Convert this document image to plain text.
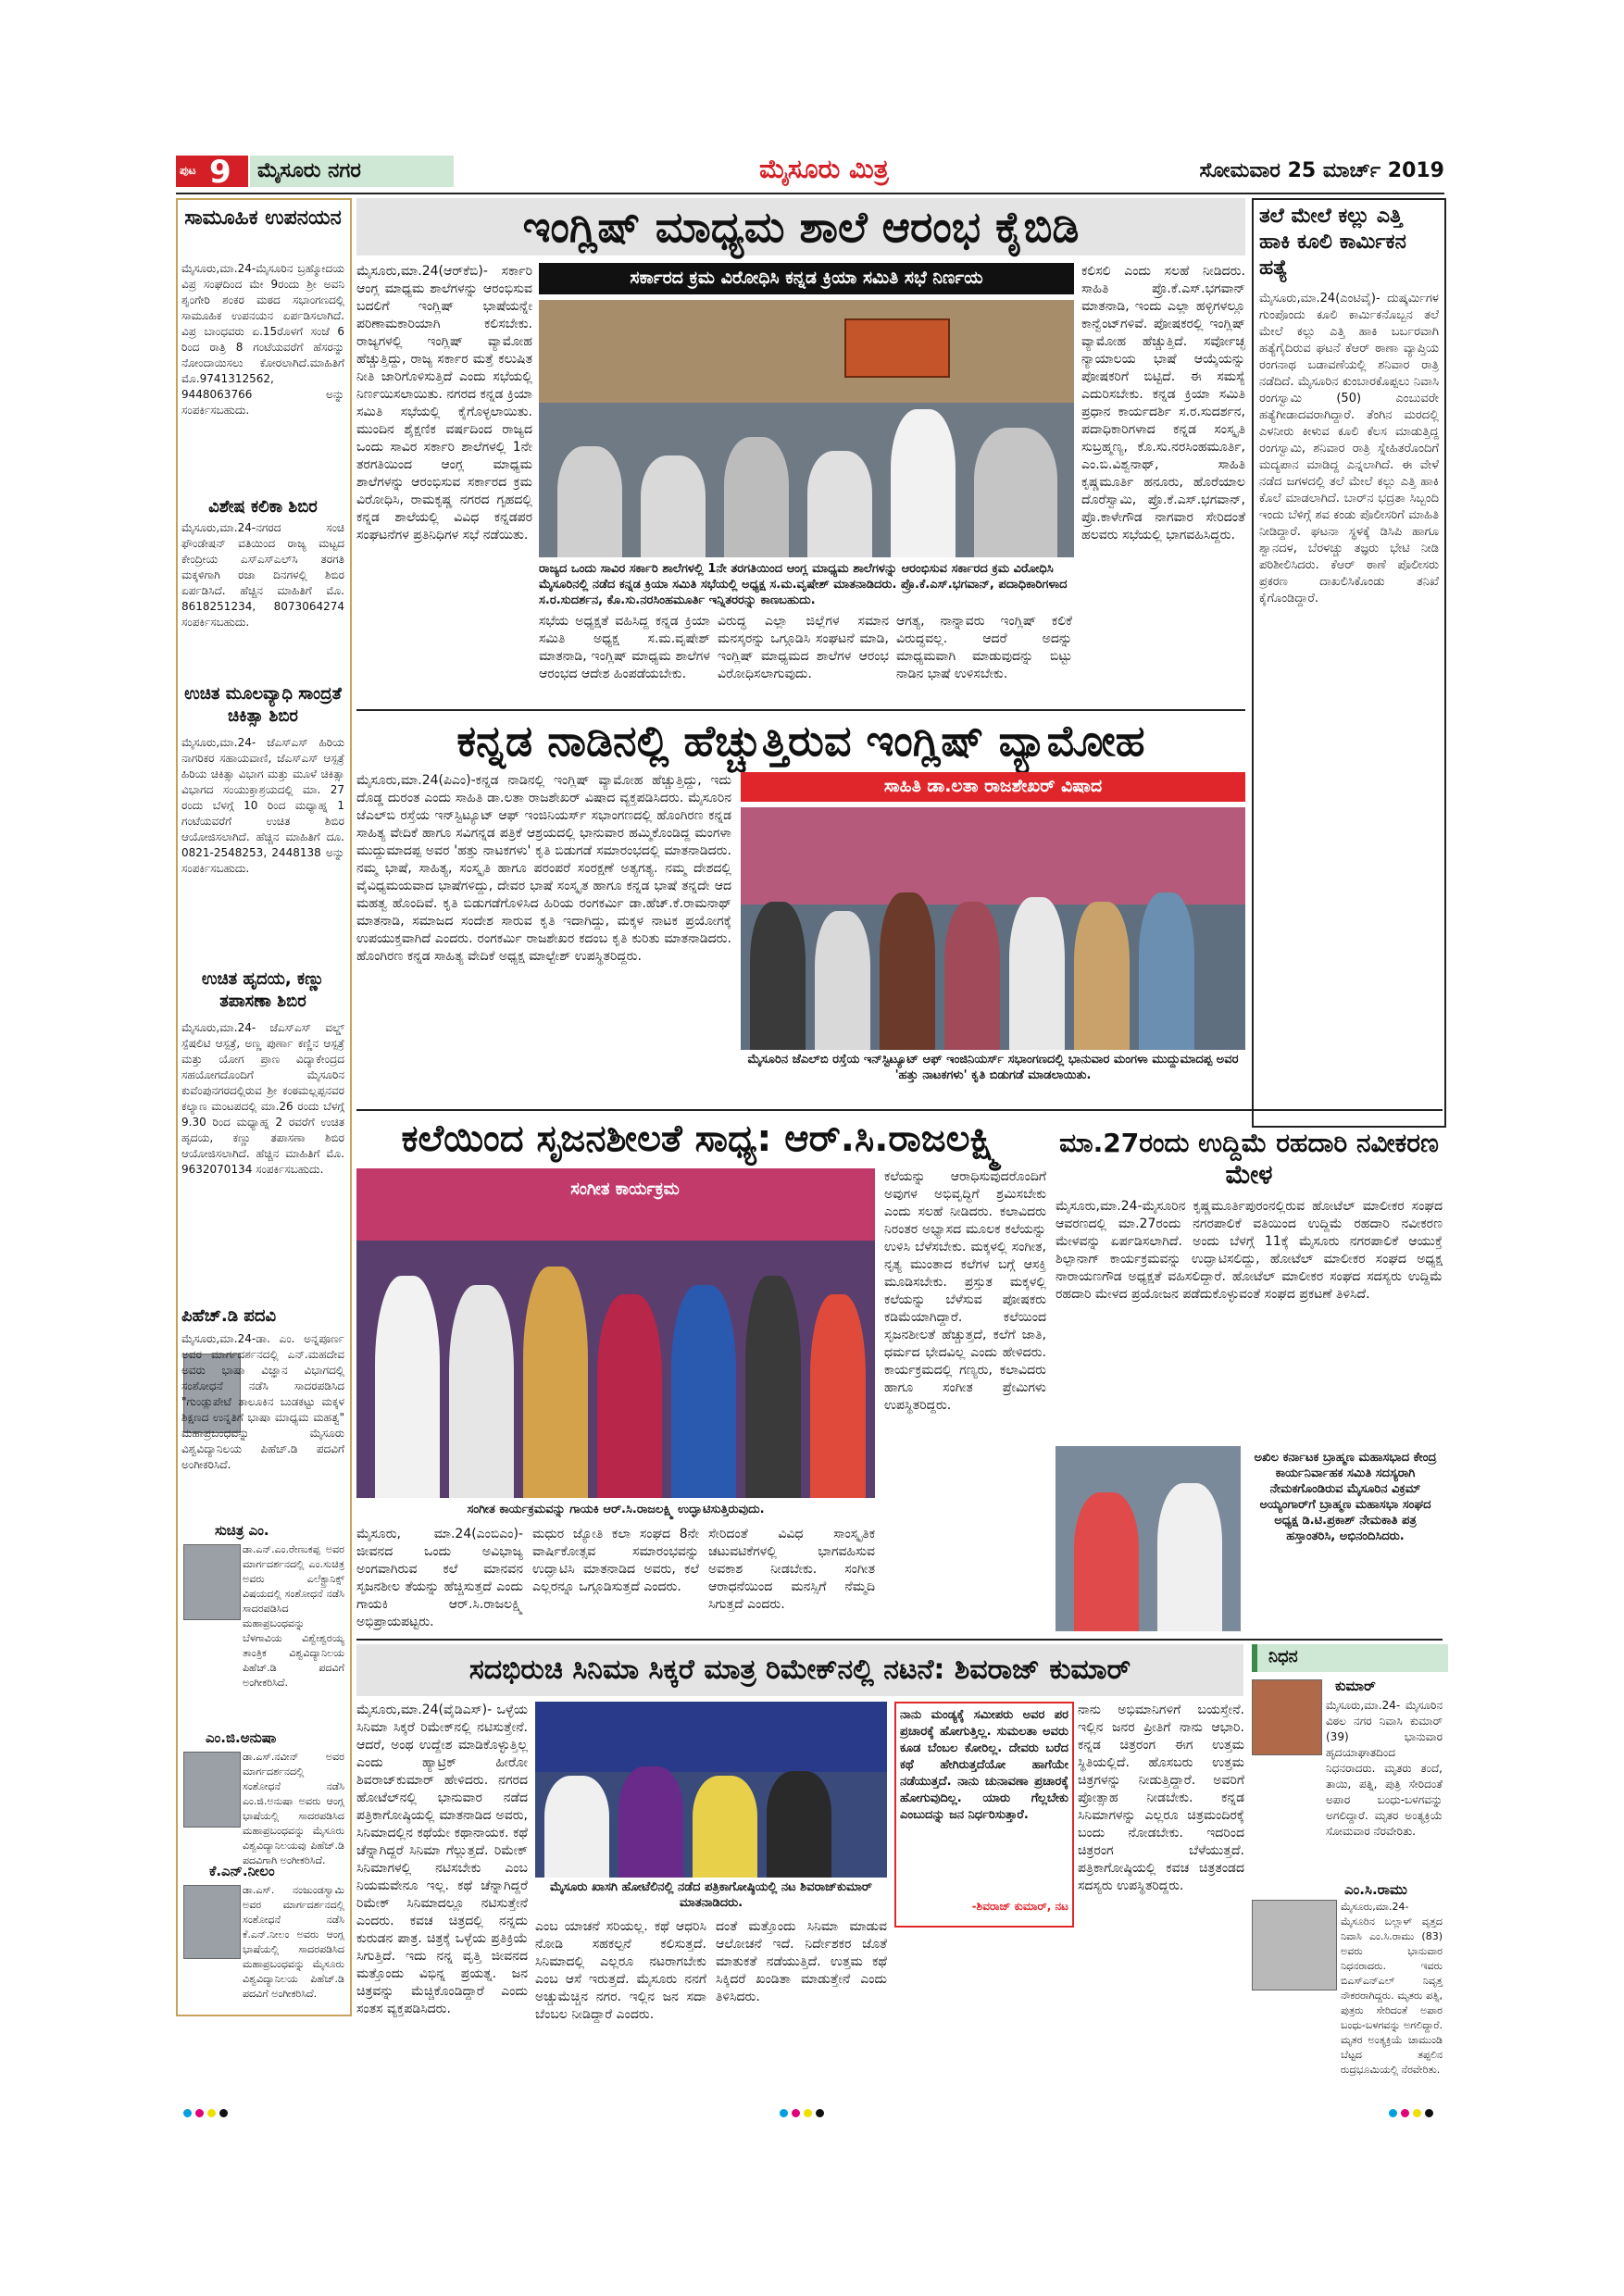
ಪುಟ 9 ಮೈಸೂರು ನಗರ	ಮೈಸೂರು ಮಿತ್ರ	ಸೋಮವಾರ 25 ಮಾರ್ಚ್ 2019
ಸಾಮೂಹಿಕ ಉಪನಯನ
ಮೈಸೂರು,ಮಾ.24-ಮೈಸೂರಿನ ಬ್ರಹ್ಮೋದಯ ವಿಪ್ರ ಸಂಘದಿಂದ ಮೇ 9ರಂದು ಶ್ರೀ ಅವನಿ ಶೃಂಗೇರಿ ಶಂಕರ ಮಠದ ಸಭಾಂಗಣದಲ್ಲಿ ಸಾಮೂಹಿಕ ಉಪನಯನ ಏರ್ಪಡಿಸಲಾಗಿದೆ. ವಿಪ್ರ ಬಾಂಧವರು ಏ.15ರೊಳಗೆ ಸಂಜೆ 6 ರಿಂದ ರಾತ್ರಿ 8 ಗಂಟೆಯವರೆಗೆ ಹೆಸರನ್ನು ನೋಂದಾಯಿಸಲು ಕೋರಲಾಗಿದೆ.ಮಾಹಿತಿಗೆ ಮೊ.9741312562, 9448063766 ಅನ್ನು ಸಂಪರ್ಕಿಸಬಹುದು.
ವಿಶೇಷ ಕಲಿಕಾ ಶಿಬಿರ
ಮೈಸೂರು,ಮಾ.24-ನಗರದ ಸಂಚಿ ಫೌಂಡೇಷನ್ ವತಿಯಿಂದ ರಾಜ್ಯ ಮಟ್ಟದ ಕೇಂದ್ರೀಯ ಎಸ್‌ಎಸ್‌ಎಲ್‌ಸಿ ತರಗತಿ ಮಕ್ಕಳಿಗಾಗಿ ರಜಾ ದಿನಗಳಲ್ಲಿ ಶಿಬಿರ ಏರ್ಪಡಿಸಿದೆ. ಹೆಚ್ಚಿನ ಮಾಹಿತಿಗೆ ಮೊ. 8618251234, 8073064274 ಸಂಪರ್ಕಿಸಬಹುದು.
ಉಚಿತ ಮೂಲವ್ಯಾಧಿ ಸಾಂದ್ರತೆ ಚಿಕಿತ್ಸಾ ಶಿಬಿರ
ಮೈಸೂರು,ಮಾ.24- ಜೆಎಸ್‌ಎಸ್ ಹಿರಿಯ ನಾಗರಿಕರ ಸಹಾಯವಾಣಿ, ಜೆಎಸ್‌ಎಸ್ ಆಸ್ಪತ್ರೆ ಹಿರಿಯ ಚಿಕಿತ್ಸಾ ವಿಭಾಗ ಮತ್ತು ಮೂಳೆ ಚಿಕಿತ್ಸಾ ವಿಭಾಗದ ಸಂಯುಕ್ತಾಶ್ರಯದಲ್ಲಿ ಮಾ. 27 ರಂದು ಬೆಳಗ್ಗೆ 10 ರಿಂದ ಮಧ್ಯಾಹ್ನ 1 ಗಂಟೆಯವರೆಗೆ ಉಚಿತ ಶಿಬಿರ ಆಯೋಜಿಸಲಾಗಿದೆ. ಹೆಚ್ಚಿನ ಮಾಹಿತಿಗೆ ದೂ. 0821-2548253, 2448138 ಅನ್ನು ಸಂಪರ್ಕಿಸಬಹುದು.
ಉಚಿತ ಹೃದಯ, ಕಣ್ಣು ತಪಾಸಣಾ ಶಿಬಿರ
ಮೈಸೂರು,ಮಾ.24- ಜೆಎಸ್‌ಎಸ್ ವಲ್ಡ್ ಸ್ಪೆಷಲಿಟಿ ಆಸ್ಪತ್ರೆ, ಅಣ್ಣ ಪುರ್ಣಾ ಕಣ್ಣಿನ ಆಸ್ಪತ್ರೆ ಮತ್ತು ಯೋಗ ಪ್ರಾಣ ವಿದ್ಯಾಕೇಂದ್ರದ ಸಹಯೋಗದೊಂದಿಗೆ ಮೈಸೂರಿನ ಕುವೆಂಪುನಗರದಲ್ಲಿರುವ ಶ್ರೀ ಕಂಠಮಲ್ಲಪ್ಪನವರ ಕಲ್ಯಾಣ ಮಂಟಪದಲ್ಲಿ ಮಾ.26 ರಂದು ಬೆಳಗ್ಗೆ 9.30 ರಿಂದ ಮಧ್ಯಾಹ್ನ 2 ರವರೆಗೆ ಉಚಿತ ಹೃದಯ, ಕಣ್ಣು ತಪಾಸಣಾ ಶಿಬಿರ ಆಯೋಜಿಸಲಾಗಿದೆ. ಹೆಚ್ಚಿನ ಮಾಹಿತಿಗೆ ಮೊ. 9632070134 ಸಂಪರ್ಕಿಸಬಹುದು.
ಪಿಹೆಚ್.ಡಿ ಪದವಿ
ಮೈಸೂರು,ಮಾ.24-ಡಾ. ಎಂ. ಅನ್ನಪೂರ್ಣ ಅವರ ಮಾರ್ಗದರ್ಶನದಲ್ಲಿ ಎನ್.ಮಹದೇವ ಅವರು ಭಾಷಾ ವಿಜ್ಞಾನ ವಿಭಾಗದಲ್ಲಿ ಸಂಶೋಧನೆ ನಡೆಸಿ ಸಾದರಪಡಿಸಿದ "ಗುಂಡ್ಲುಪೇಟೆ ತಾಲೂಕಿನ ಬುಡಕಟ್ಟು ಮಕ್ಕಳ ಶಿಕ್ಷಣದ ಉನ್ನತಿಗೆ ಭಾಷಾ ಮಾಧ್ಯಮ ಮಹತ್ವ" ಮಹಾಪ್ರಬಂಧವನ್ನು ಮೈಸೂರು ವಿಶ್ವವಿದ್ಯಾನಿಲಯ ಪಿಹೆಚ್.ಡಿ ಪದವಿಗೆ ಅಂಗೀಕರಿಸಿದೆ.
ಸುಚಿತ್ರ ಎಂ.
ಡಾ.ಎನ್.ಎಂ.ರೇಣುಕಪ್ಪ ಅವರ ಮಾರ್ಗದರ್ಶನದಲ್ಲಿ ಎಂ.ಸುಚಿತ್ರ ಅವರು ಎಲೆಕ್ಟ್ರಾನಿಕ್ಸ್ ವಿಷಯದಲ್ಲಿ ಸಂಶೋಧನೆ ನಡೆಸಿ ಸಾದರಪಡಿಸಿದ ಮಹಾಪ್ರಬಂಧವನ್ನು ಬೆಳಗಾವಿಯ ವಿಶ್ವೇಶ್ವರಯ್ಯ ತಾಂತ್ರಿಕ ವಿಶ್ವವಿದ್ಯಾನಿಲಯ ಪಿಹೆಚ್.ಡಿ ಪದವಿಗೆ ಅಂಗೀಕರಿಸಿದೆ.
ಎಂ.ಜಿ.ಅನುಷಾ
ಡಾ.ಎಸ್.ನವೀನ್ ಅವರ ಮಾರ್ಗದರ್ಶನದಲ್ಲಿ ಸಂಶೋಧನೆ ನಡೆಸಿ ಎಂ.ಜಿ.ಅನುಷಾ ಅವರು ಆಂಗ್ಲ ಭಾಷೆಯಲ್ಲಿ ಸಾದರಪಡಿಸಿದ ಮಹಾಪ್ರಬಂಧವನ್ನು ಮೈಸೂರು ವಿಶ್ವವಿದ್ಯಾನಿಲಯವು ಪಿಹೆಚ್.ಡಿ ಪದವಿಗಾಗಿ ಅಂಗೀಕರಿಸಿದೆ.
ಕೆ.ಎನ್.ನೀಲಂ
ಡಾ.ಎಸ್. ನಂಜುಂಡಸ್ವಾಮಿ ಅವರ ಮಾರ್ಗದರ್ಶನದಲ್ಲಿ ಸಂಶೋಧನೆ ನಡೆಸಿ ಕೆ.ಎನ್.ನೀಲಂ ಅವರು ಆಂಗ್ಲ ಭಾಷೆಯಲ್ಲಿ ಸಾದರಪಡಿಸಿದ ಮಹಾಪ್ರಬಂಧವನ್ನು ಮೈಸೂರು ವಿಶ್ವವಿದ್ಯಾನಿಲಯ ಪಿಹೆಚ್.ಡಿ ಪದವಿಗೆ ಅಂಗೀಕರಿಸಿದೆ.
ಇಂಗ್ಲಿಷ್ ಮಾಧ್ಯಮ ಶಾಲೆ ಆರಂಭ ಕೈಬಿಡಿ
ಮೈಸೂರು,ಮಾ.24(ಆರ್‌ಕೆಬಿ)- ಸರ್ಕಾರಿ ಆಂಗ್ಲ ಮಾಧ್ಯಮ ಶಾಲೆಗಳನ್ನು ಆರಂಭಿಸುವ ಬದಲಿಗೆ ಇಂಗ್ಲಿಷ್ ಭಾಷೆಯನ್ನೇ ಪರಿಣಾಮಕಾರಿಯಾಗಿ ಕಲಿಸಬೇಕು. ರಾಜ್ಯಗಳಲ್ಲಿ ಇಂಗ್ಲಿಷ್ ವ್ಯಾಮೋಹ ಹೆಚ್ಚುತ್ತಿದ್ದು, ರಾಜ್ಯ ಸರ್ಕಾರ ಮತ್ತೆ ಕಲುಷಿತ ನೀತಿ ಜಾರಿಗೊಳಿಸುತ್ತಿದೆ ಎಂದು ಸಭೆಯಲ್ಲಿ ನಿರ್ಣಯಿಸಲಾಯಿತು. ನಗರದ ಕನ್ನಡ ಕ್ರಿಯಾ ಸಮಿತಿ ಸಭೆಯಲ್ಲಿ ಕೈಗೊಳ್ಳಲಾಯಿತು. ಮುಂದಿನ ಶೈಕ್ಷಣಿಕ ವರ್ಷದಿಂದ ರಾಜ್ಯದ ಒಂದು ಸಾವಿರ ಸರ್ಕಾರಿ ಶಾಲೆಗಳಲ್ಲಿ 1ನೇ ತರಗತಿಯಿಂದ ಆಂಗ್ಲ ಮಾಧ್ಯಮ ಶಾಲೆಗಳನ್ನು ಆರಂಭಿಸುವ ಸರ್ಕಾರದ ಕ್ರಮ ವಿರೋಧಿಸಿ, ರಾಮಕೃಷ್ಣ ನಗರದ ಗೃಹದಲ್ಲಿ ಕನ್ನಡ ಶಾಲೆಯಲ್ಲಿ ವಿವಿಧ ಕನ್ನಡಪರ ಸಂಘಟನೆಗಳ ಪ್ರತಿನಿಧಿಗಳ ಸಭೆ ನಡೆಯಿತು.
ಸರ್ಕಾರದ ಕ್ರಮ ವಿರೋಧಿಸಿ ಕನ್ನಡ ಕ್ರಿಯಾ ಸಮಿತಿ ಸಭೆ ನಿರ್ಣಯ
ರಾಜ್ಯದ ಒಂದು ಸಾವಿರ ಸರ್ಕಾರಿ ಶಾಲೆಗಳಲ್ಲಿ 1ನೇ ತರಗತಿಯಿಂದ ಆಂಗ್ಲ ಮಾಧ್ಯಮ ಶಾಲೆಗಳನ್ನು ಆರಂಭಿಸುವ ಸರ್ಕಾರದ ಕ್ರಮ ವಿರೋಧಿಸಿ ಮೈಸೂರಿನಲ್ಲಿ ನಡೆದ ಕನ್ನಡ ಕ್ರಿಯಾ ಸಮಿತಿ ಸಭೆಯಲ್ಲಿ ಅಧ್ಯಕ್ಷ ಸ.ಮ.ವೃಷೇಶ್ ಮಾತನಾಡಿದರು. ಪ್ರೊ.ಕೆ.ಎಸ್.ಭಗವಾನ್, ಪದಾಧಿಕಾರಿಗಳಾದ ಸ.ರ.ಸುದರ್ಶನ, ಕೊ.ಸು.ನರಸಿಂಹಮೂರ್ತಿ ಇನ್ನಿತರರನ್ನು ಕಾಣಬಹುದು.
ಸಭೆಯ ಅಧ್ಯಕ್ಷತೆ ವಹಿಸಿದ್ದ ಕನ್ನಡ ಕ್ರಿಯಾ ಸಮಿತಿ ಅಧ್ಯಕ್ಷ ಸ.ಮ.ವೃಷೇಶ್ ಮಾತನಾಡಿ, ಇಂಗ್ಲಿಷ್ ಮಾಧ್ಯಮ ಶಾಲೆಗಳ ಆರಂಭದ ಆದೇಶ ಹಿಂಪಡೆಯಬೇಕು.
ವಿರುದ್ಧ ಎಲ್ಲಾ ಜಿಲ್ಲೆಗಳ ಸಮಾನ ಮನಸ್ಕರನ್ನು ಒಗ್ಗೂಡಿಸಿ ಸಂಘಟನೆ ಮಾಡಿ, ಇಂಗ್ಲಿಷ್ ಮಾಧ್ಯಮದ ಶಾಲೆಗಳ ಆರಂಭ ವಿರೋಧಿಸಲಾಗುವುದು.
ಆಗತ್ಯ, ನಾನ್ನಾವರು ಇಂಗ್ಲಿಷ್ ಕಲಿಕೆ ವಿರುದ್ಧವಲ್ಲ. ಆದರೆ ಅದನ್ನು ಮಾಧ್ಯಮವಾಗಿ ಮಾಡುವುದನ್ನು ಬಿಟ್ಟು ನಾಡಿನ ಭಾಷೆ ಉಳಿಸಬೇಕು.
ಕಲಿಸಲಿ ಎಂದು ಸಲಹೆ ನೀಡಿದರು. ಸಾಹಿತಿ ಪ್ರೊ.ಕೆ.ಎಸ್.ಭಗವಾನ್ ಮಾತನಾಡಿ, ಇಂದು ಎಲ್ಲಾ ಹಳ್ಳಿಗಳಲ್ಲೂ ಕಾನ್ವೆಂಟ್‌ಗಳಿವೆ. ಪೋಷಕರಲ್ಲಿ ಇಂಗ್ಲಿಷ್ ವ್ಯಾಮೋಹ ಹೆಚ್ಚುತ್ತಿದೆ. ಸರ್ವೋಚ್ಛ ನ್ಯಾಯಾಲಯ ಭಾಷೆ ಆಯ್ಕೆಯನ್ನು ಪೋಷಕರಿಗೆ ಬಿಟ್ಟಿದೆ. ಈ ಸಮಸ್ಯೆ ಎದುರಿಸಬೇಕು. ಕನ್ನಡ ಕ್ರಿಯಾ ಸಮಿತಿ ಪ್ರಧಾನ ಕಾರ್ಯದರ್ಶಿ ಸ.ರ.ಸುದರ್ಶನ, ಪದಾಧಿಕಾರಿಗಳಾದ ಕನ್ನಡ ಸಂಸ್ಕೃತಿ ಸುಬ್ರಹ್ಮಣ್ಯ, ಕೊ.ಸು.ನರಸಿಂಹಮೂರ್ತಿ, ಎಂ.ಬಿ.ವಿಶ್ವನಾಥ್, ಸಾಹಿತಿ ಕೃಷ್ಣಮೂರ್ತಿ ಹನೂರು, ಹೊರೆಯಾಲ ದೊರೆಸ್ವಾಮಿ, ಪ್ರೊ.ಕೆ.ಎಸ್.ಭಗವಾನ್, ಪ್ರೊ.ಕಾಳೇಗೌಡ ನಾಗವಾರ ಸೇರಿದಂತೆ ಹಲವರು ಸಭೆಯಲ್ಲಿ ಭಾಗವಹಿಸಿದ್ದರು.
ತಲೆ ಮೇಲೆ ಕಲ್ಲು ಎತ್ತಿ ಹಾಕಿ ಕೂಲಿ ಕಾರ್ಮಿಕನ ಹತ್ಯೆ
ಮೈಸೂರು,ಮಾ.24(ಎಂಟಿವೈ)- ದುಷ್ಕರ್ಮಿಗಳ ಗುಂಪೊಂದು ಕೂಲಿ ಕಾರ್ಮಿಕನೊಬ್ಬನ ತಲೆ ಮೇಲೆ ಕಲ್ಲು ಎತ್ತಿ ಹಾಕಿ ಬರ್ಬರವಾಗಿ ಹತ್ಯೆಗೈದಿರುವ ಘಟನೆ ಕೆಆರ್ ಠಾಣಾ ವ್ಯಾಪ್ತಿಯ ರಂಗನಾಥ ಬಡಾವಣೆಯಲ್ಲಿ ಶನಿವಾರ ರಾತ್ರಿ ನಡೆದಿದೆ. ಮೈಸೂರಿನ ಕುಂಬಾರಕೊಪ್ಪಲು ನಿವಾಸಿ ರಂಗಸ್ವಾಮಿ (50) ಎಂಬುವರೇ ಹತ್ಯೆಗೀಡಾದವರಾಗಿದ್ದಾರೆ. ತೆಂಗಿನ ಮರದಲ್ಲಿ ಎಳನೀರು ಕೀಳುವ ಕೂಲಿ ಕೆಲಸ ಮಾಡುತ್ತಿದ್ದ ರಂಗಸ್ವಾಮಿ, ಶನಿವಾರ ರಾತ್ರಿ ಸ್ನೇಹಿತರೊಂದಿಗೆ ಮದ್ಯಪಾನ ಮಾಡಿದ್ದ ಎನ್ನಲಾಗಿದೆ. ಈ ವೇಳೆ ನಡೆದ ಜಗಳದಲ್ಲಿ ತಲೆ ಮೇಲೆ ಕಲ್ಲು ಎತ್ತಿ ಹಾಕಿ ಕೊಲೆ ಮಾಡಲಾಗಿದೆ. ಬಾರ್‌ನ ಭದ್ರತಾ ಸಿಬ್ಬಂದಿ ಇಂದು ಬೆಳಿಗ್ಗೆ ಶವ ಕಂಡು ಪೊಲೀಸರಿಗೆ ಮಾಹಿತಿ ನೀಡಿದ್ದಾರೆ. ಘಟನಾ ಸ್ಥಳಕ್ಕೆ ಡಿಸಿಪಿ ಹಾಗೂ ಶ್ವಾನದಳ, ಬೆರಳಚ್ಚು ತಜ್ಞರು ಭೇಟಿ ನೀಡಿ ಪರಿಶೀಲಿಸಿದರು. ಕೆಆರ್ ಠಾಣೆ ಪೊಲೀಸರು ಪ್ರಕರಣ ದಾಖಲಿಸಿಕೊಂಡು ತನಿಖೆ ಕೈಗೊಂಡಿದ್ದಾರೆ.
ಕನ್ನಡ ನಾಡಿನಲ್ಲಿ ಹೆಚ್ಚುತ್ತಿರುವ ಇಂಗ್ಲಿಷ್ ವ್ಯಾಮೋಹ
ಸಾಹಿತಿ ಡಾ.ಲತಾ ರಾಜಶೇಖರ್ ವಿಷಾದ
ಮೈಸೂರು,ಮಾ.24(ಪಿಎಂ)-ಕನ್ನಡ ನಾಡಿನಲ್ಲಿ ಇಂಗ್ಲಿಷ್ ವ್ಯಾಮೋಹ ಹೆಚ್ಚುತ್ತಿದ್ದು, ಇದು ದೊಡ್ಡ ದುರಂತ ಎಂದು ಸಾಹಿತಿ ಡಾ.ಲತಾ ರಾಜಶೇಖರ್ ವಿಷಾದ ವ್ಯಕ್ತಪಡಿಸಿದರು. ಮೈಸೂರಿನ ಜೆಎಲ್‌ಬಿ ರಸ್ತೆಯ ಇನ್‌ಸ್ಟಿಟ್ಯೂಟ್ ಆಫ್ ಇಂಜಿನಿಯರ್ಸ್ ಸಭಾಂಗಣದಲ್ಲಿ ಹೊಂಗಿರಣ ಕನ್ನಡ ಸಾಹಿತ್ಯ ವೇದಿಕೆ ಹಾಗೂ ಸವಿಗನ್ನಡ ಪತ್ರಿಕೆ ಆಶ್ರಯದಲ್ಲಿ ಭಾನುವಾರ ಹಮ್ಮಿಕೊಂಡಿದ್ದ ಮಂಗಳಾ ಮುದ್ದುಮಾದಪ್ಪ ಅವರ 'ಹತ್ತು ನಾಟಕಗಳು' ಕೃತಿ ಬಿಡುಗಡೆ ಸಮಾರಂಭದಲ್ಲಿ ಮಾತನಾಡಿದರು. ನಮ್ಮ ಭಾಷೆ, ಸಾಹಿತ್ಯ, ಸಂಸ್ಕೃತಿ ಹಾಗೂ ಪರಂಪರೆ ಸಂರಕ್ಷಣೆ ಅತ್ಯಗತ್ಯ. ನಮ್ಮ ದೇಶದಲ್ಲಿ ವೈವಿಧ್ಯಮಯವಾದ ಭಾಷೆಗಳಿದ್ದು, ದೇವರ ಭಾಷೆ ಸಂಸ್ಕೃತ ಹಾಗೂ ಕನ್ನಡ ಭಾಷೆ ತನ್ನದೇ ಆದ ಮಹತ್ವ ಹೊಂದಿವೆ. ಕೃತಿ ಬಿಡುಗಡೆಗೊಳಿಸಿದ ಹಿರಿಯ ರಂಗಕರ್ಮಿ ಡಾ.ಹೆಚ್.ಕೆ.ರಾಮನಾಥ್ ಮಾತನಾಡಿ, ಸಮಾಜದ ಸಂದೇಶ ಸಾರುವ ಕೃತಿ ಇದಾಗಿದ್ದು, ಮಕ್ಕಳ ನಾಟಕ ಪ್ರಯೋಗಕ್ಕೆ ಉಪಯುಕ್ತವಾಗಿದೆ ಎಂದರು. ರಂಗಕರ್ಮಿ ರಾಜಶೇಖರ ಕದಂಬ ಕೃತಿ ಕುರಿತು ಮಾತನಾಡಿದರು. ಹೊಂಗಿರಣ ಕನ್ನಡ ಸಾಹಿತ್ಯ ವೇದಿಕೆ ಅಧ್ಯಕ್ಷ ಮಾಲ್ಟೇಶ್ ಉಪಸ್ಥಿತರಿದ್ದರು.
ಮೈಸೂರಿನ ಜೆಎಲ್‌ಬಿ ರಸ್ತೆಯ ಇನ್‌ಸ್ಟಿಟ್ಯೂಟ್ ಆಫ್ ಇಂಜಿನಿಯರ್ಸ್ ಸಭಾಂಗಣದಲ್ಲಿ ಭಾನುವಾರ ಮಂಗಳಾ ಮುದ್ದುಮಾದಪ್ಪ ಅವರ 'ಹತ್ತು ನಾಟಕಗಳು' ಕೃತಿ ಬಿಡುಗಡೆ ಮಾಡಲಾಯಿತು.
ಕಲೆಯಿಂದ ಸೃಜನಶೀಲತೆ ಸಾಧ್ಯ: ಆರ್.ಸಿ.ರಾಜಲಕ್ಷ್ಮಿ
ಸಂಗೀತ ಕಾರ್ಯಕ್ರಮ
ಸಂಗೀತ ಕಾರ್ಯಕ್ರಮವನ್ನು ಗಾಯಕಿ ಆರ್.ಸಿ.ರಾಜಲಕ್ಷ್ಮಿ ಉದ್ಘಾಟಿಸುತ್ತಿರುವುದು.
ಕಲೆಯನ್ನು ಆರಾಧಿಸುವುದರೊಂದಿಗೆ ಅವುಗಳ ಅಭಿವೃದ್ಧಿಗೆ ಶ್ರಮಿಸಬೇಕು ಎಂದು ಸಲಹೆ ನೀಡಿದರು. ಕಲಾವಿದರು ನಿರಂತರ ಅಭ್ಯಾಸದ ಮೂಲಕ ಕಲೆಯನ್ನು ಉಳಿಸಿ ಬೆಳೆಸಬೇಕು. ಮಕ್ಕಳಲ್ಲಿ ಸಂಗೀತ, ನೃತ್ಯ ಮುಂತಾದ ಕಲೆಗಳ ಬಗ್ಗೆ ಆಸಕ್ತಿ ಮೂಡಿಸಬೇಕು. ಪ್ರಸ್ತುತ ಮಕ್ಕಳಲ್ಲಿ ಕಲೆಯನ್ನು ಬೆಳೆಸುವ ಪೋಷಕರು ಕಡಿಮೆಯಾಗಿದ್ದಾರೆ. ಕಲೆಯಿಂದ ಸೃಜನಶೀಲತೆ ಹೆಚ್ಚುತ್ತದೆ, ಕಲೆಗೆ ಜಾತಿ, ಧರ್ಮದ ಭೇದವಿಲ್ಲ ಎಂದು ಹೇಳಿದರು. ಕಾರ್ಯಕ್ರಮದಲ್ಲಿ ಗಣ್ಯರು, ಕಲಾವಿದರು ಹಾಗೂ ಸಂಗೀತ ಪ್ರೇಮಿಗಳು ಉಪಸ್ಥಿತರಿದ್ದರು.
ಮೈಸೂರು, ಮಾ.24(ಎಂಬಿಎಂ)- ಜೀವನದ ಒಂದು ಅವಿಭಾಜ್ಯ ಅಂಗವಾಗಿರುವ ಕಲೆ ಮಾನವನ ಸೃಜನಶೀಲ ತೆಯನ್ನು ಹೆಚ್ಚಿಸುತ್ತದೆ ಎಂದು ಗಾಯಕಿ ಆರ್.ಸಿ.ರಾಜಲಕ್ಷ್ಮಿ ಅಭಿಪ್ರಾಯಪಟ್ಟರು.
ಮಧುರ ಜ್ಯೋತಿ ಕಲಾ ಸಂಘದ 8ನೇ ವಾರ್ಷಿಕೋತ್ಸವ ಸಮಾರಂಭವನ್ನು ಉದ್ಘಾಟಿಸಿ ಮಾತನಾಡಿದ ಅವರು, ಕಲೆ ಎಲ್ಲರನ್ನೂ ಒಗ್ಗೂಡಿಸುತ್ತದೆ ಎಂದರು.
ಸೇರಿದಂತೆ ವಿವಿಧ ಸಾಂಸ್ಕೃತಿಕ ಚಟುವಟಿಕೆಗಳಲ್ಲಿ ಭಾಗವಹಿಸುವ ಅವಕಾಶ ನೀಡಬೇಕು. ಸಂಗೀತ ಆರಾಧನೆಯಿಂದ ಮನಸ್ಸಿಗೆ ನೆಮ್ಮದಿ ಸಿಗುತ್ತದೆ ಎಂದರು.
ಮಾ.27ರಂದು ಉದ್ದಿಮೆ ರಹದಾರಿ ನವೀಕರಣ ಮೇಳ
ಮೈಸೂರು,ಮಾ.24-ಮೈಸೂರಿನ ಕೃಷ್ಣಮೂರ್ತಿಪುರಂನಲ್ಲಿರುವ ಹೋಟೆಲ್ ಮಾಲೀಕರ ಸಂಘದ ಆವರಣದಲ್ಲಿ ಮಾ.27ರಂದು ನಗರಪಾಲಿಕೆ ವತಿಯಿಂದ ಉದ್ದಿಮೆ ರಹದಾರಿ ನವೀಕರಣ ಮೇಳವನ್ನು ಏರ್ಪಡಿಸಲಾಗಿದೆ. ಅಂದು ಬೆಳಗ್ಗೆ 11ಕ್ಕೆ ಮೈಸೂರು ನಗರಪಾಲಿಕೆ ಆಯುಕ್ತೆ ಶಿಲ್ಪಾನಾಗ್ ಕಾರ್ಯಕ್ರಮವನ್ನು ಉದ್ಘಾಟಿಸಲಿದ್ದು, ಹೋಟೆಲ್ ಮಾಲೀಕರ ಸಂಘದ ಅಧ್ಯಕ್ಷ ನಾರಾಯಣಗೌಡ ಅಧ್ಯಕ್ಷತೆ ವಹಿಸಲಿದ್ದಾರೆ. ಹೋಟೆಲ್ ಮಾಲೀಕರ ಸಂಘದ ಸದಸ್ಯರು ಉದ್ದಿಮೆ ರಹದಾರಿ ಮೇಳದ ಪ್ರಯೋಜನ ಪಡೆದುಕೊಳ್ಳುವಂತೆ ಸಂಘದ ಪ್ರಕಟಣೆ ತಿಳಿಸಿದೆ.
ಅಖಿಲ ಕರ್ನಾಟಕ ಬ್ರಾಹ್ಮಣ ಮಹಾಸಭಾದ ಕೇಂದ್ರ ಕಾರ್ಯನಿರ್ವಾಹಕ ಸಮಿತಿ ಸದಸ್ಯರಾಗಿ ನೇಮಕಗೊಂಡಿರುವ ಮೈಸೂರಿನ ವಿಕ್ರಮ್ ಅಯ್ಯಂಗಾರ್‌ಗೆ ಬ್ರಾಹ್ಮಣ ಮಹಾಸಭಾ ಸಂಘದ ಅಧ್ಯಕ್ಷ ಡಿ.ಟಿ.ಪ್ರಕಾಶ್ ನೇಮಕಾತಿ ಪತ್ರ ಹಸ್ತಾಂತರಿಸಿ, ಅಭಿನಂದಿಸಿದರು.
ಸದಭಿರುಚಿ ಸಿನಿಮಾ ಸಿಕ್ಕರೆ ಮಾತ್ರ ರಿಮೇಕ್‌ನಲ್ಲಿ ನಟನೆ: ಶಿವರಾಜ್ ಕುಮಾರ್
ಮೈಸೂರು,ಮಾ.24(ವೈಡಿಎಸ್)- ಒಳ್ಳೆಯ ಸಿನಿಮಾ ಸಿಕ್ಕರೆ ರಿಮೇಕ್‌ನಲ್ಲಿ ನಟಿಸುತ್ತೇನೆ. ಆದರೆ, ಅಂಥ ಉದ್ದೇಶ ಮಾಡಿಕೊಳ್ಳುತ್ತಿಲ್ಲ ಎಂದು ಹ್ಯಾಟ್ರಿಕ್ ಹೀರೋ ಶಿವರಾಜ್‌ಕುಮಾರ್ ಹೇಳಿದರು. ನಗರದ ಹೋಟೆಲ್‌ನಲ್ಲಿ ಭಾನುವಾರ ನಡೆದ ಪತ್ರಿಕಾಗೋಷ್ಠಿಯಲ್ಲಿ ಮಾತನಾಡಿದ ಅವರು, ಸಿನಿಮಾದಲ್ಲಿನ ಕಥೆಯೇ ಕಥಾನಾಯಕ. ಕಥೆ ಚೆನ್ನಾಗಿದ್ದರೆ ಸಿನಿಮಾ ಗೆಲ್ಲುತ್ತದೆ. ರಿಮೇಕ್ ಸಿನಿಮಾಗಳಲ್ಲಿ ನಟಿಸಬೇಕು ಎಂಬ ನಿಯಮವೇನೂ ಇಲ್ಲ. ಕಥೆ ಚೆನ್ನಾಗಿದ್ದರೆ ರಿಮೇಕ್ ಸಿನಿಮಾದಲ್ಲೂ ನಟಿಸುತ್ತೇನೆ ಎಂದರು. ಕವಚ ಚಿತ್ರದಲ್ಲಿ ನನ್ನದು ಕುರುಡನ ಪಾತ್ರ. ಚಿತ್ರಕ್ಕೆ ಒಳ್ಳೆಯ ಪ್ರತಿಕ್ರಿಯೆ ಸಿಗುತ್ತಿದೆ. ಇದು ನನ್ನ ವೃತ್ತಿ ಜೀವನದ ಮತ್ತೊಂದು ವಿಭಿನ್ನ ಪ್ರಯತ್ನ. ಜನ ಚಿತ್ರವನ್ನು ಮೆಚ್ಚಿಕೊಂಡಿದ್ದಾರೆ ಎಂದು ಸಂತಸ ವ್ಯಕ್ತಪಡಿಸಿದರು.
ಮೈಸೂರು ಖಾಸಗಿ ಹೋಟೆಲಿನಲ್ಲಿ ನಡೆದ ಪತ್ರಿಕಾಗೋಷ್ಠಿಯಲ್ಲಿ ನಟ ಶಿವರಾಜ್‌ಕುಮಾರ್ ಮಾತನಾಡಿದರು.
ಎಂಬ ಯಾಚನೆ ಸರಿಯಲ್ಲ. ಕಥೆ ಆಧರಿಸಿ ನೋಡಿ ಸಹಕಲ್ಪನೆ ಕಲಿಸುತ್ತದೆ. ಸಿನಿಮಾದಲ್ಲಿ ಎಲ್ಲರೂ ನಟರಾಗಬೇಕು ಎಂಬ ಆಸೆ ಇರುತ್ತದೆ. ಮೈಸೂರು ನನಗೆ ಅಚ್ಚುಮೆಚ್ಚಿನ ನಗರ. ಇಲ್ಲಿನ ಜನ ಸದಾ ಬೆಂಬಲ ನೀಡಿದ್ದಾರೆ ಎಂದರು.
ದಂತೆ ಮತ್ತೊಂದು ಸಿನಿಮಾ ಮಾಡುವ ಆಲೋಚನೆ ಇದೆ. ನಿರ್ದೇಶಕರ ಜೊತೆ ಮಾತುಕತೆ ನಡೆಯುತ್ತಿದೆ. ಉತ್ತಮ ಕಥೆ ಸಿಕ್ಕಿದರೆ ಖಂಡಿತಾ ಮಾಡುತ್ತೇನೆ ಎಂದು ತಿಳಿಸಿದರು.
ನಾನು ಮಂಡ್ಯಕ್ಕೆ ಸಮೀಪರು ಅವರ ಪರ ಪ್ರಚಾರಕ್ಕೆ ಹೋಗುತ್ತಿಲ್ಲ. ಸುಮಲತಾ ಅವರು ಕೂಡ ಬೆಂಬಲ ಕೋರಿಲ್ಲ. ದೇವರು ಬರೆದ ಕಥೆ ಹೇಗಿರುತ್ತದೆಯೋ ಹಾಗೆಯೇ ನಡೆಯುತ್ತದೆ. ನಾನು ಚುನಾವಣಾ ಪ್ರಚಾರಕ್ಕೆ ಹೋಗುವುದಿಲ್ಲ. ಯಾರು ಗೆಲ್ಲಬೇಕು ಎಂಬುದನ್ನು ಜನ ನಿರ್ಧರಿಸುತ್ತಾರೆ.
-ಶಿವರಾಜ್ ಕುಮಾರ್, ನಟ
ನಾನು ಅಭಿಮಾನಿಗಳಿಗೆ ಬಯಸ್ತೇನೆ. ಇಲ್ಲಿನ ಜನರ ಪ್ರೀತಿಗೆ ನಾನು ಆಭಾರಿ. ಕನ್ನಡ ಚಿತ್ರರಂಗ ಈಗ ಉತ್ತಮ ಸ್ಥಿತಿಯಲ್ಲಿದೆ. ಹೊಸಬರು ಉತ್ತಮ ಚಿತ್ರಗಳನ್ನು ನೀಡುತ್ತಿದ್ದಾರೆ. ಅವರಿಗೆ ಪ್ರೋತ್ಸಾಹ ನೀಡಬೇಕು. ಕನ್ನಡ ಸಿನಿಮಾಗಳನ್ನು ಎಲ್ಲರೂ ಚಿತ್ರಮಂದಿರಕ್ಕೆ ಬಂದು ನೋಡಬೇಕು. ಇದರಿಂದ ಚಿತ್ರರಂಗ ಬೆಳೆಯುತ್ತದೆ. ಪತ್ರಿಕಾಗೋಷ್ಠಿಯಲ್ಲಿ ಕವಚ ಚಿತ್ರತಂಡದ ಸದಸ್ಯರು ಉಪಸ್ಥಿತರಿದ್ದರು.
ನಿಧನ
ಕುಮಾರ್
ಮೈಸೂರು,ಮಾ.24- ಮೈಸೂರಿನ ವಿಠಲ ನಗರ ನಿವಾಸಿ ಕುಮಾರ್ (39) ಭಾನುವಾರ ಹೃದಯಾಘಾತದಿಂದ ನಿಧನರಾದರು. ಮೃತರು ತಂದೆ, ತಾಯಿ, ಪತ್ನಿ, ಪುತ್ರಿ ಸೇರಿದಂತೆ ಅಪಾರ ಬಂಧು-ಬಳಗವನ್ನು ಅಗಲಿದ್ದಾರೆ. ಮೃತರ ಅಂತ್ಯಕ್ರಿಯೆ ಸೋಮವಾರ ನೆರವೇರಿತು.
ಎಂ.ಸಿ.ರಾಮು
ಮೈಸೂರು,ಮಾ.24- ಮೈಸೂರಿನ ಬಲ್ಲಾಳ್ ವೃತ್ತದ ನಿವಾಸಿ ಎಂ.ಸಿ.ರಾಮು (83) ಅವರು ಭಾನುವಾರ ನಿಧನರಾದರು. ಇವರು ಬಿಎಸ್‌ಎನ್‌ಎಲ್ ನಿವೃತ್ತ ನೌಕರರಾಗಿದ್ದರು. ಮೃತರು ಪತ್ನಿ, ಪುತ್ರರು ಸೇರಿದಂತೆ ಅಪಾರ ಬಂಧು-ಬಳಗವನ್ನು ಅಗಲಿದ್ದಾರೆ. ಮೃತರ ಅಂತ್ಯಕ್ರಿಯೆ ಚಾಮುಂಡಿ ಬೆಟ್ಟದ ತಪ್ಪಲಿನ ರುದ್ರಭೂಮಿಯಲ್ಲಿ ನೆರವೇರಿತು.
